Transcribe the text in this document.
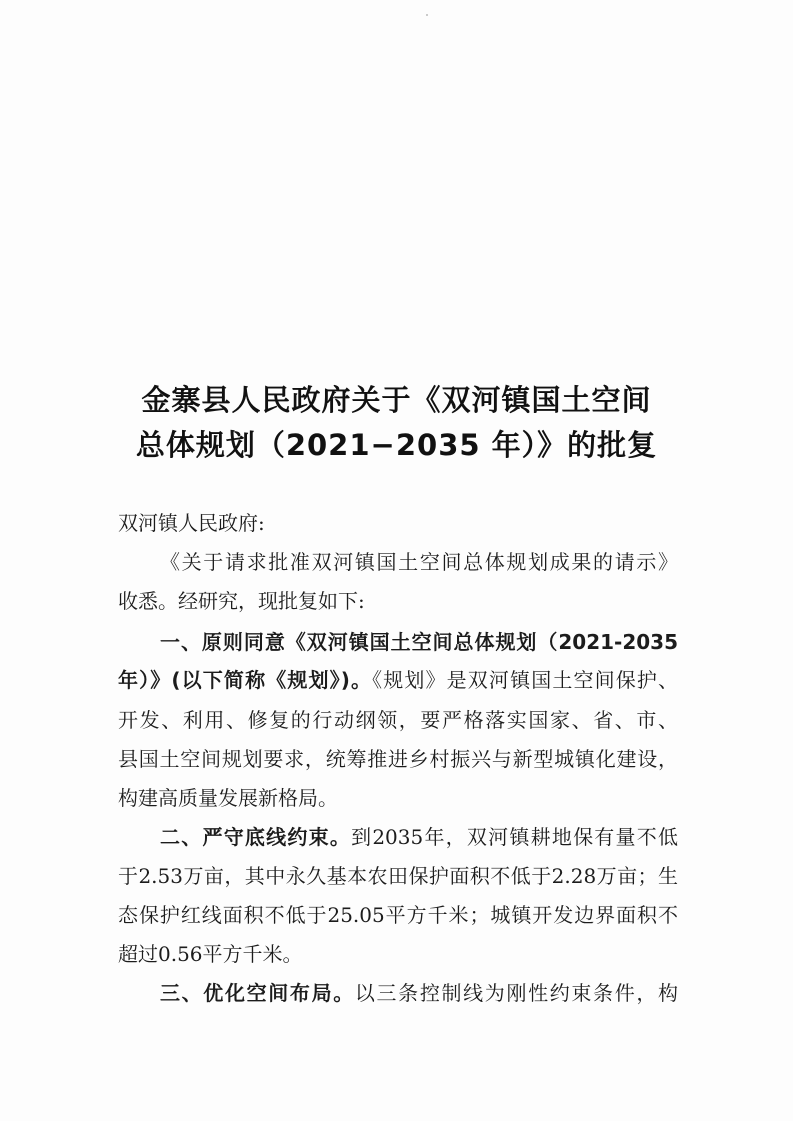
金寨县人民政府关于《双河镇国土空间
总体规划（2021−2035 年）》的批复
双河镇人民政府:
《关于请求批准双河镇国土空间总体规划成果的请示》
收悉。经研究，现批复如下:
一、原则同意《双河镇国土空间总体规划（2021-2035
年）》(以下简称《规划》)。《规划》是双河镇国土空间保护、
开发、利用、修复的行动纲领，要严格落实国家、省、市、
县国土空间规划要求，统筹推进乡村振兴与新型城镇化建设，
构建高质量发展新格局。
二、严守底线约束。到2035年，双河镇耕地保有量不低
于2.53万亩，其中永久基本农田保护面积不低于2.28万亩；生
态保护红线面积不低于25.05平方千米；城镇开发边界面积不
超过0.56平方千米。
三、优化空间布局。以三条控制线为刚性约束条件，构
